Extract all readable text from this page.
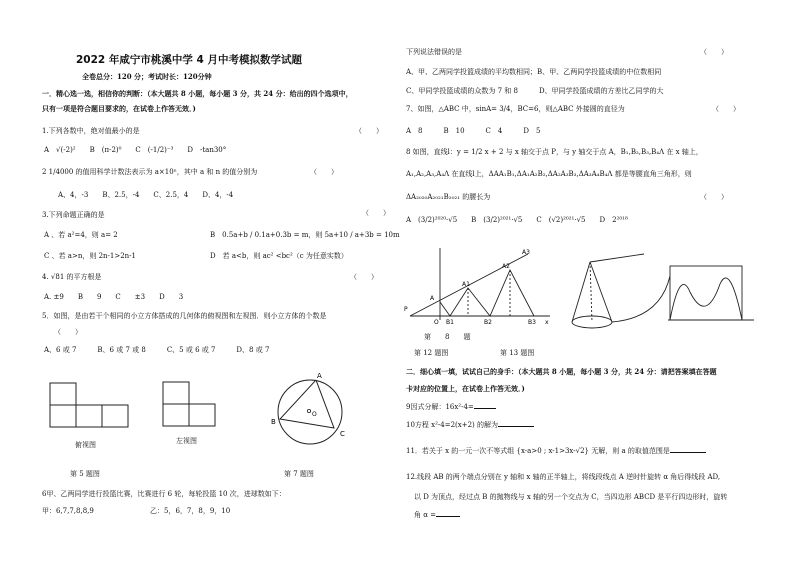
2022 年咸宁市桃溪中学 4 月中考模拟数学试题
全卷总分：120 分；考试时长：120分钟
一．精心选一选，相信你的判断：（本大题共 8 小题，每小题 3 分，共 24 分：给出的四个选项中，
只有一项是符合题目要求的，在试卷上作答无效．)
1.下列各数中，绝对值最小的是	（　　）
A　√(-2)²　　B　(π-2)⁰　　C　(-1/2)⁻³　　D　-tan30°
2 1/4000 的值用科学计数法表示为 a×10ⁿ，其中 a 和 n 的值分别为	（　　）
A、4，-3　　B、2.5，-4　　C、2.5，4　　D、4，-4
3.下列命题正确的是	（　　）
A 、若 a²=4，则 a= 2	B　0.5a+b / 0.1a+0.3b = m，则 5a+10 / a+3b = 10m
C 、若 a>n，则 2n-1>2n-1	D　若 a<b，则 ac² <bc²（c 为任意实数）
4. √81 的平方根是	（　　）
A. ±9　　B　　9　　C　　±3　　D　　3
5．如图，是由若干个相同的小立方体搭成的几何体的俯视图和左视图．则小立方体的个数是
（　　）
A、6 或 7　　　B、6 或 7 或 8　　　C、5 或 6 或 7　　　D、8 或 7
俯视图	左视图
A
B
C
O
第 5 题图	第 7 题图
6甲、乙两同学进行投篮比赛，比赛进行 6 轮，每轮投篮 10 次，进球数如下：
甲：6,7,7,8,8,9	乙：5，6，7，8，9，10
下列说法错误的是	（　　）
A、甲、乙两同学投篮成绩的平均数相同；B、甲、乙两同学投篮成绩的中位数相同
C、甲同学投篮成绩的众数为 7 和 8　　　D、甲同学投篮成绩的方差比乙同学的大
7、如图，△ABC 中，sinA= 3/4，BC=6，则△ABC 外接圆的直径为	（　　）
A　8　　　B　10　　　C　4　　　D　5
8 如图，直线l：y = 1/2 x + 2 与 x 轴交于点 P，与 y 轴交于点 A，B₁,B₂,B₃,B₄Λ 在 x 轴上，
A₁,A₂,A₃,A₄Λ 在直线l上，ΔAA₁B₁,ΔA₁A₂B₂,ΔA₂A₃B₃,ΔA₃A₄B₄Λ 都是等腰直角三角形，则
ΔA₂₀₂₀A₂₀₂₁B₂₀₂₁ 的腰长为	（　　）
A　(3/2)²⁰²⁰·√5　　B　(3/2)²⁰²¹·√5　　C　(√2)²⁰²¹·√5　　D　2²⁰¹⁸
P
O	x
A
A1
A2
A3
B1	B2	B3
第　　8　　题
第 12 题图	第 13 题图
二．细心填一填，试试自己的身手：（本大题共 8 小题，每小题 3 分，共 24 分：请把答案填在答题
卡对应的位置上，在试卷上作答无效．)
9因式分解：16x²-4=
10方程 x²-4=2(x+2) 的解为
11．若关于 x 的一元一次不等式组 {x-a>0 ; x-1>3x-√2} 无解，则 a 的取值范围是
12.线段 AB 的两个端点分别在 y 轴和 x 轴的正半轴上，将线段线点 A 逆时针旋转 α 角后得线段 AD,
以 D 为顶点，经过点 B 的抛物线与 x 轴的另一个交点为 C，当四边形 ABCD 是平行四边形时，旋转
角 α =
